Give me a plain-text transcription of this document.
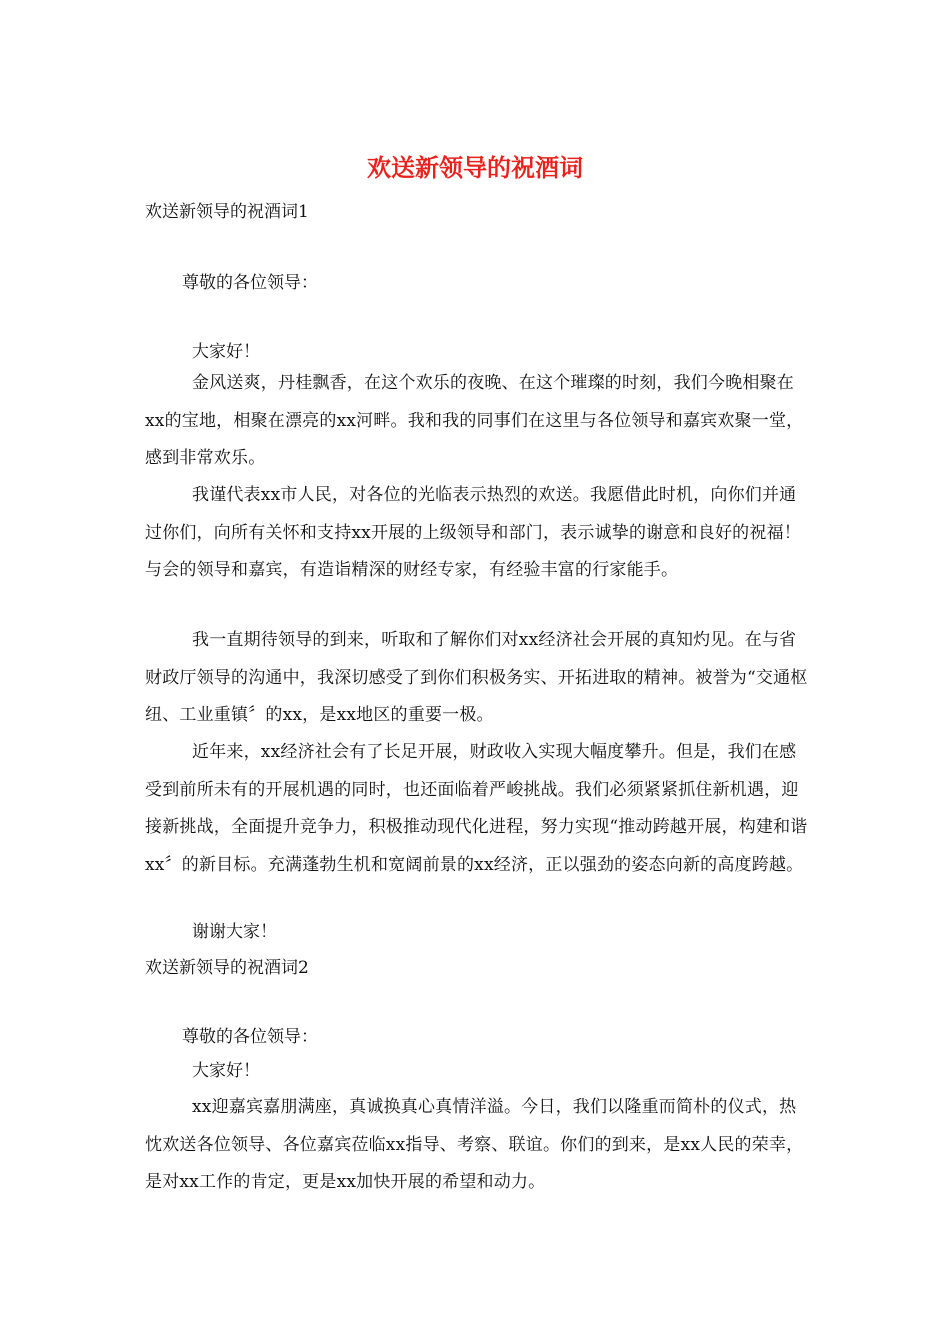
欢送新领导的祝酒词
欢送新领导的祝酒词1
尊敬的各位领导：
大家好！

金风送爽，丹桂飘香，在这个欢乐的夜晚、在这个璀璨的时刻，我们今晚相聚在xx的宝地，相聚在漂亮的xx河畔。我和我的同事们在这里与各位领导和嘉宾欢聚一堂，感到非常欢乐。

我谨代表xx市人民，对各位的光临表示热烈的欢送。我愿借此时机，向你们并通过你们，向所有关怀和支持xx开展的上级领导和部门，表示诚挚的谢意和良好的祝福！与会的领导和嘉宾，有造诣精深的财经专家，有经验丰富的行家能手。

我一直期待领导的到来，听取和了解你们对xx经济社会开展的真知灼见。在与省财政厅领导的沟通中，我深切感受了到你们积极务实、开拓进取的精神。被誉为“交通枢纽、工业重镇〞的xx，是xx地区的重要一极。

近年来，xx经济社会有了长足开展，财政收入实现大幅度攀升。但是，我们在感受到前所未有的开展机遇的同时，也还面临着严峻挑战。我们必须紧紧抓住新机遇，迎接新挑战，全面提升竞争力，积极推动现代化进程，努力实现“推动跨越开展，构建和谐xx〞的新目标。充满蓬勃生机和宽阔前景的xx经济，正以强劲的姿态向新的高度跨越。

谢谢大家！
欢送新领导的祝酒词2
尊敬的各位领导：
大家好！

xx迎嘉宾嘉朋满座，真诚换真心真情洋溢。今日，我们以隆重而简朴的仪式，热忱欢送各位领导、各位嘉宾莅临xx指导、考察、联谊。你们的到来，是xx人民的荣幸，是对xx工作的肯定，更是xx加快开展的希望和动力。
